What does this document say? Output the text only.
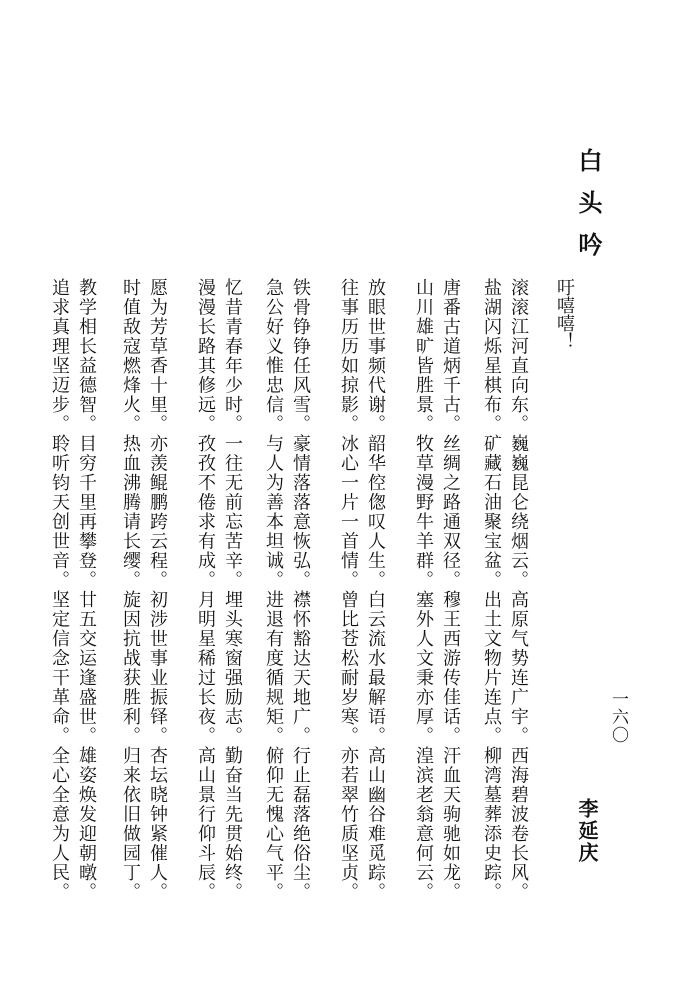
白头吟
一六〇
李延庆
吁嘻嘻！
滚滚江河直向东。巍巍昆仑绕烟云。高原气势连广宇。西海碧波卷长风。
盐湖闪烁星棋布。矿藏石油聚宝盆。出土文物片连点。柳湾墓葬添史踪。
唐番古道炳千古。丝绸之路通双径。穆王西游传佳话。汗血天驹驰如龙。
山川雄旷皆胜景。牧草漫野牛羊群。塞外人文秉亦厚。湟滨老翁意何云。
放眼世事频代谢。韶华倥偬叹人生。白云流水最解语。高山幽谷难觅踪。
往事历历如掠影。冰心一片一首情。曾比苍松耐岁寒。亦若翠竹质坚贞。
铁骨铮铮任风雪。豪情落落意恢弘。襟怀豁达天地广。行止磊落绝俗尘。
急公好义惟忠信。与人为善本坦诚。进退有度循规矩。俯仰无愧心气平。
忆昔青春年少时。一往无前忘苦辛。埋头寒窗强励志。勤奋当先贯始终。
漫漫长路其修远。孜孜不倦求有成。月明星稀过长夜。高山景行仰斗辰。
愿为芳草香十里。亦羡鲲鹏跨云程。初涉世事业振铎。杏坛晓钟紧催人。
时值敌寇燃烽火。热血沸腾请长缨。旋因抗战获胜利。归来依旧做园丁。
教学相长益德智。目穷千里再攀登。廿五交运逢盛世。雄姿焕发迎朝暾。
追求真理坚迈步。聆听钧天创世音。坚定信念干革命。全心全意为人民。
